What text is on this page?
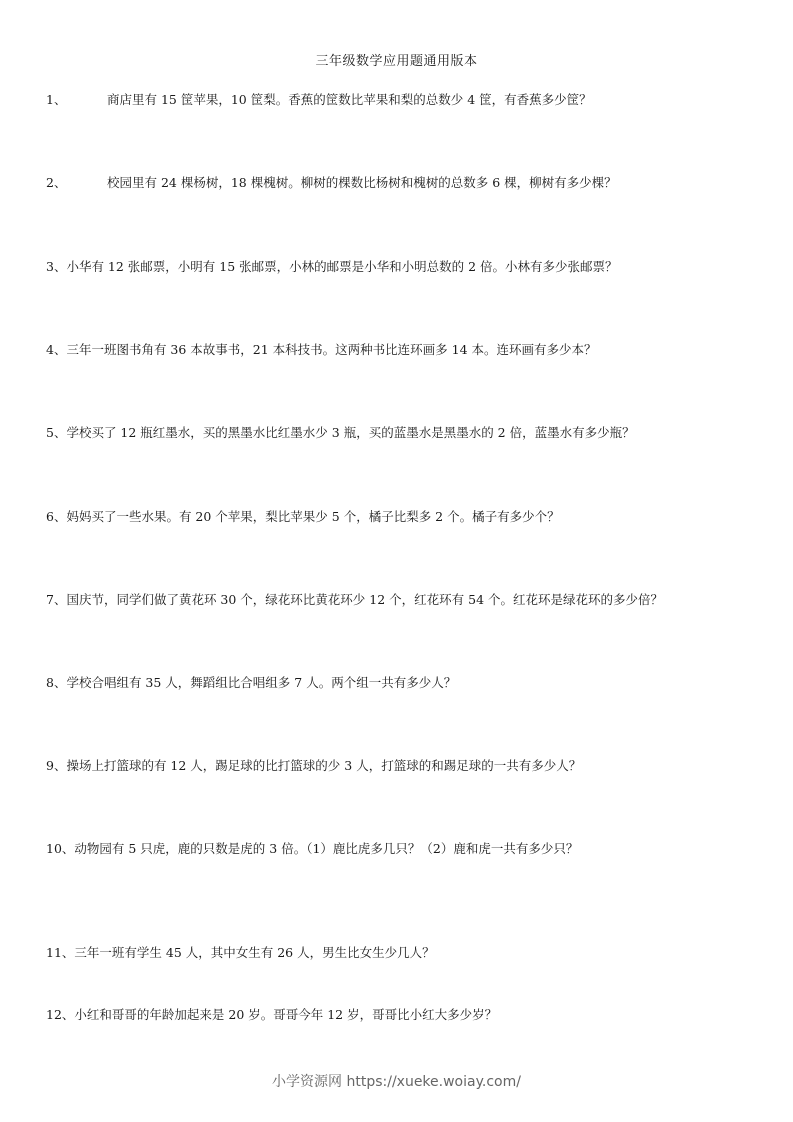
三年级数学应用题通用版本
1、	商店里有 15 筐苹果，10 筐梨。香蕉的筐数比苹果和梨的总数少 4 筐，有香蕉多少筐？
2、	校园里有 24 棵杨树，18 棵槐树。柳树的棵数比杨树和槐树的总数多 6 棵，柳树有多少棵？
3、小华有 12 张邮票，小明有 15 张邮票，小林的邮票是小华和小明总数的 2 倍。小林有多少张邮票？
4、三年一班图书角有 36 本故事书，21 本科技书。这两种书比连环画多 14 本。连环画有多少本？
5、学校买了 12 瓶红墨水，买的黑墨水比红墨水少 3 瓶，买的蓝墨水是黑墨水的 2 倍，蓝墨水有多少瓶？
6、妈妈买了一些水果。有 20 个苹果，梨比苹果少 5 个，橘子比梨多 2 个。橘子有多少个？
7、国庆节，同学们做了黄花环 30 个，绿花环比黄花环少 12 个，红花环有 54 个。红花环是绿花环的多少倍？
8、学校合唱组有 35 人，舞蹈组比合唱组多 7 人。两个组一共有多少人？
9、操场上打篮球的有 12 人，踢足球的比打篮球的少 3 人，打篮球的和踢足球的一共有多少人？
10、动物园有 5 只虎，鹿的只数是虎的 3 倍。（1）鹿比虎多几只？（2）鹿和虎一共有多少只？
11、三年一班有学生 45 人，其中女生有 26 人，男生比女生少几人？
12、小红和哥哥的年龄加起来是 20 岁。哥哥今年 12 岁，哥哥比小红大多少岁？
小学资源网 https://xueke.woiay.com/
